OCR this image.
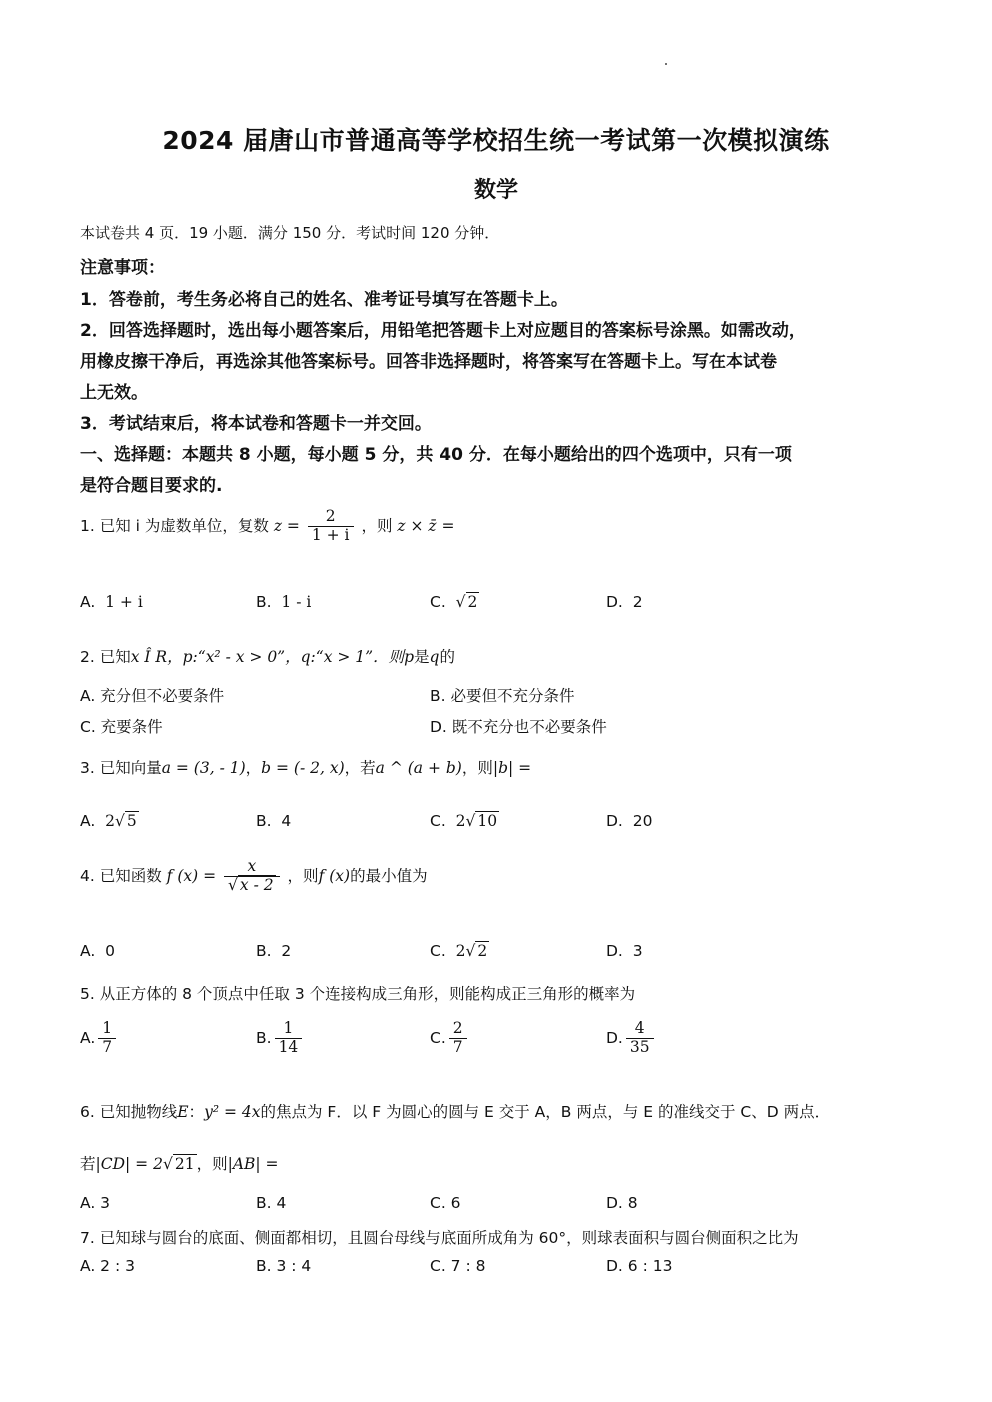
2024 届唐山市普通高等学校招生统一考试第一次模拟演练
数学
本试卷共 4 页．19 小题．满分 150 分．考试时间 120 分钟．
注意事项：
1．答卷前，考生务必将自己的姓名、准考证号填写在答题卡上。
2．回答选择题时，选出每小题答案后，用铅笔把答题卡上对应题目的答案标号涂黑。如需改动，
用橡皮擦干净后，再选涂其他答案标号。回答非选择题时，将答案写在答题卡上。写在本试卷
上无效。
3．考试结束后，将本试卷和答题卡一并交回。
一、选择题：本题共 8 小题，每小题 5 分，共 40 分．在每小题给出的四个选项中，只有一项
是符合题目要求的.
1. 已知 i 为虚数单位，复数 $z = \frac{2}{1 + i}$ ，则 z × z̄ =
A. 1 + i	B. 1 - i	C. √ 2	D. 2
2. 已知x Î R，p:“x² - x > 0”，q:“x > 1”．则p是q的
A. 充分但不必要条件	B. 必要但不充分条件
C. 充要条件	D. 既不充分也不必要条件
3. 已知向量a = (3, - 1)，b = (- 2, x)，若a ^ (a + b)，则|b| =
A. 2√ 5	B. 4	C. 2√ 10	D. 20
4. 已知函数 f $(x) = \frac{x}{√ x - 2}$ ，则f (x)的最小值为
A. 0	B. 2	C. 2√ 2	D. 3
5. 从正方体的 8 个顶点中任取 3 个连接构成三角形，则能构成正三角形的概率为
A. $\frac{1}{7}$	B. $\frac{1}{14}$	C. $\frac{2}{7}$	D. $\frac{4}{35}$
6. 已知抛物线E：y² = 4x的焦点为 F．以 F 为圆心的圆与 E 交于 A，B 两点，与 E 的准线交于 C、D 两点．
若|CD| = 2√ 21 ，则|AB| =
A. 3	B. 4	C. 6	D. 8
7. 已知球与圆台的底面、侧面都相切，且圆台母线与底面所成角为 60°，则球表面积与圆台侧面积之比为
A. 2 : 3	B. 3 : 4	C. 7 : 8	D. 6 : 13
